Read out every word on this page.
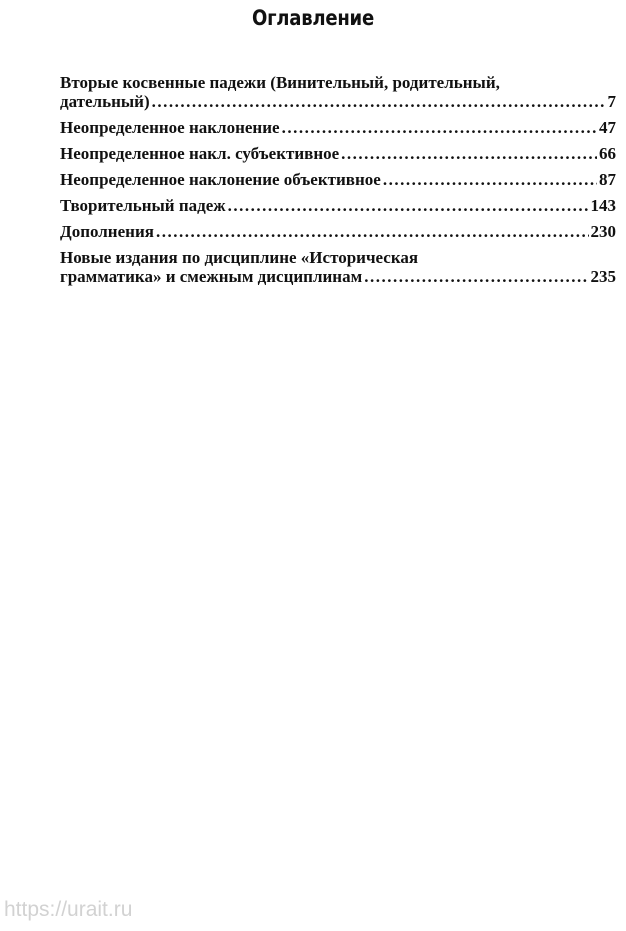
Оглавление
Вторые косвенные падежи (Винительный, родительный,
дательный) .....	7
Неопределенное наклонение .....	47
Неопределенное накл. субъективное .....	66
Неопределенное наклонение объективное .....	87
Творительный падеж .....	143
Дополнения .....	230
Новые издания по дисциплине «Историческая
грамматика» и смежным дисциплинам .....	235
https://urait.ru
